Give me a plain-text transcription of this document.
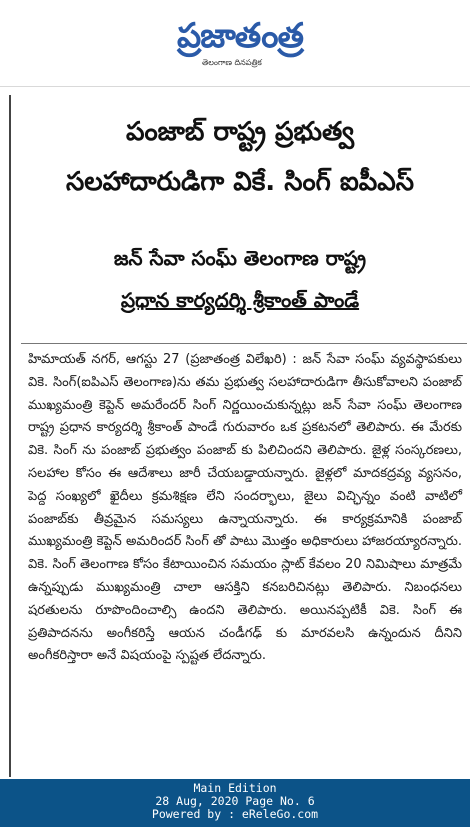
ప్రజాతంత్ర
తెలంగాణ దినపత్రిక
పంజాబ్ రాష్ట్ర ప్రభుత్వ
సలహాదారుడిగా వికే. సింగ్ ఐపీఎస్
జన్ సేవా సంఘ్ తెలంగాణ రాష్ట్ర
ప్రధాన కార్యదర్శి శ్రీకాంత్ పాండే
హిమాయత్ నగర్, ఆగస్టు 27 (ప్రజాతంత్ర విలేఖరి) : జన్ సేవా సంఘ్ వ్యవస్థాపకులు వికె. సింగ్(ఐపిఎస్ తెలంగాణ)ను తమ ప్రభుత్వ సలహాదారుడిగా తీసుకోవాలని పంజాబ్ ముఖ్యమంత్రి కెప్టెన్ అమరేందర్ సింగ్ నిర్ణయించుకున్నట్లు జన్ సేవా సంఘ్ తెలంగాణ రాష్ట్ర ప్రధాన కార్యదర్శి శ్రీకాంత్ పాండే గురువారం ఒక ప్రకటనలో తెలిపారు. ఈ మేరకు వికె. సింగ్ ను పంజాబ్ ప్రభుత్వం పంజాబ్ కు పిలిచిందని తెలిపారు. జైళ్ల సంస్కరణలు, సలహాల కోసం ఈ ఆదేశాలు జారీ చేయబడ్డాయన్నారు. జైళ్లలో మాదకద్రవ్య వ్యసనం, పెద్ద సంఖ్యలో ఖైదీలు క్రమశిక్షణ లేని సందర్భాలు, జైలు విచ్ఛిన్నం వంటి వాటిలో పంజాబ్‌కు తీవ్రమైన సమస్యలు ఉన్నాయన్నారు. ఈ కార్యక్రమానికి పంజాబ్ ముఖ్యమంత్రి కెప్టెన్ అమరిందర్ సింగ్ తో పాటు మొత్తం అధికారులు హాజరయ్యారన్నారు. వికె. సింగ్ తెలంగాణ కోసం కేటాయించిన సమయం స్లాట్ కేవలం 20 నిమిషాలు మాత్రమే ఉన్నప్పుడు ముఖ్యమంత్రి చాలా ఆసక్తిని కనబరిచినట్లు తెలిపారు. నిబంధనలు షరతులను రూపొందించాల్సి ఉందని తెలిపారు. అయినప్పటికీ వికె. సింగ్ ఈ ప్రతిపాదనను అంగీకరిస్తే ఆయన చండీగఢ్ కు మారవలసి ఉన్నందున దీనిని అంగీకరిస్తారా అనే విషయంపై స్పష్టత లేదన్నారు.
Main Edition
28 Aug, 2020 Page No. 6
Powered by : eReleGo.com
